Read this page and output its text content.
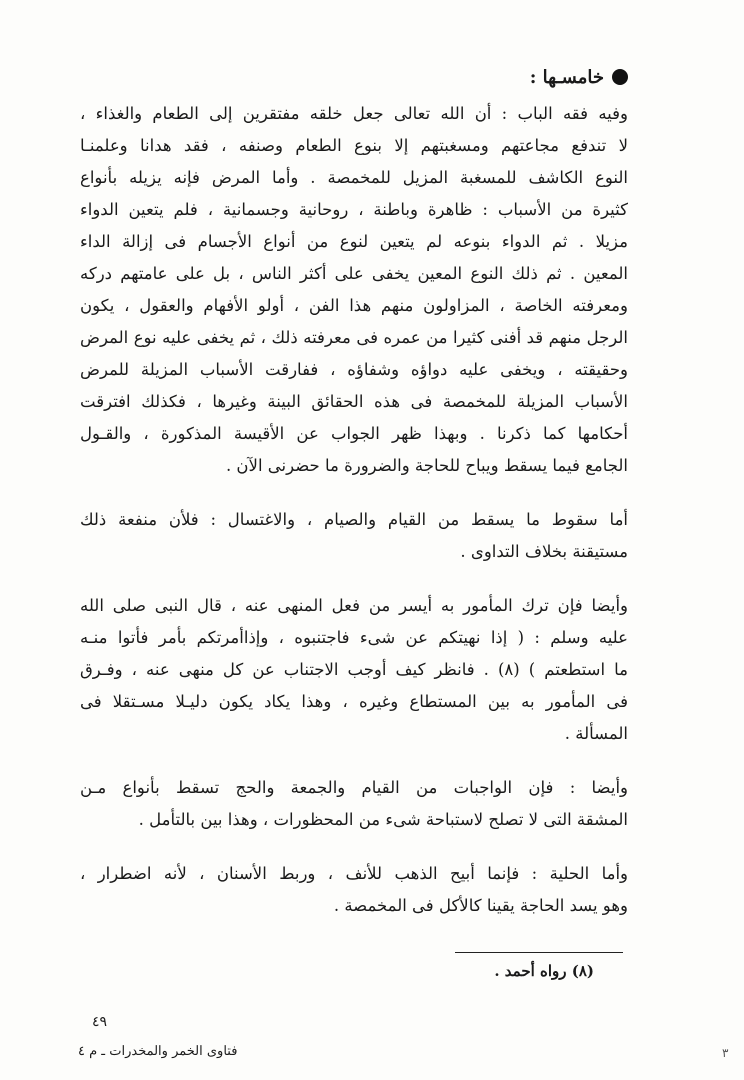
خامسـها :

وفيه فقه الباب : أن الله تعالى جعل خلقه مفتقرين إلى الطعام والغذاء ،
لا تندفع مجاعتهم ومسغبتهم إلا بنوع الطعام وصنفه ، فقد هدانا وعلمنـا
النوع الكاشف للمسغبة المزيل للمخمصة . وأما المرض فإنه يزيله بأنواع
كثيرة من الأسباب : ظاهرة وباطنة ، روحانية وجسمانية ، فلم يتعين الدواء
مزيلا . ثم الدواء بنوعه لم يتعين لنوع من أنواع الأجسام فى إزالة الداء
المعين . ثم ذلك النوع المعين يخفى على أكثر الناس ، بل على عامتهم دركه
ومعرفته الخاصة ، المزاولون منهم هذا الفن ، أولو الأفهام والعقول ، يكون
الرجل منهم قد أفنى كثيرا من عمره فى معرفته ذلك ، ثم يخفى عليه نوع المرض
وحقيقته ، ويخفى عليه دواؤه وشفاؤه ، ففارقت الأسباب المزيلة للمرض
الأسباب المزيلة للمخمصة فى هذه الحقائق البينة وغيرها ، فكذلك افترقت
أحكامها كما ذكرنا . وبهذا ظهر الجواب عن الأقيسة المذكورة ، والقـول
الجامع فيما يسقط ويباح للحاجة والضرورة ما حضرنى الآن .

أما سقوط ما يسقط من القيام والصيام ، والاغتسال : فلأن منفعة ذلك
مستيقنة بخلاف التداوى .

وأيضا فإن ترك المأمور به أيسر من فعل المنهى عنه ، قال النبى صلى الله
عليه وسلم : ( إذا نهيتكم عن شىء فاجتنبوه ، وإذاأمرتكم بأمر فأتوا منـه
ما استطعتم ) (٨) . فانظر كيف أوجب الاجتناب عن كل منهى عنه ، وفـرق
فى المأمور به بين المستطاع وغيره ، وهذا يكاد يكون دليـلا مسـتقلا فى
المسألة .

وأيضا : فإن الواجبات من القيام والجمعة والحج تسقط بأنواع مـن
المشقة التى لا تصلح لاستباحة شىء من المحظورات ، وهذا بين بالتأمل .

وأما الحلية : فإنما أبيح الذهب للأنف ، وربط الأسنان ، لأنه اضطرار ،
وهو يسد الحاجة يقينا كالأكل فى المخمصة .

(٨) رواه أحمد .
٤٩
فتاوى الخمر والمخدرات ـ م ٤	٣
